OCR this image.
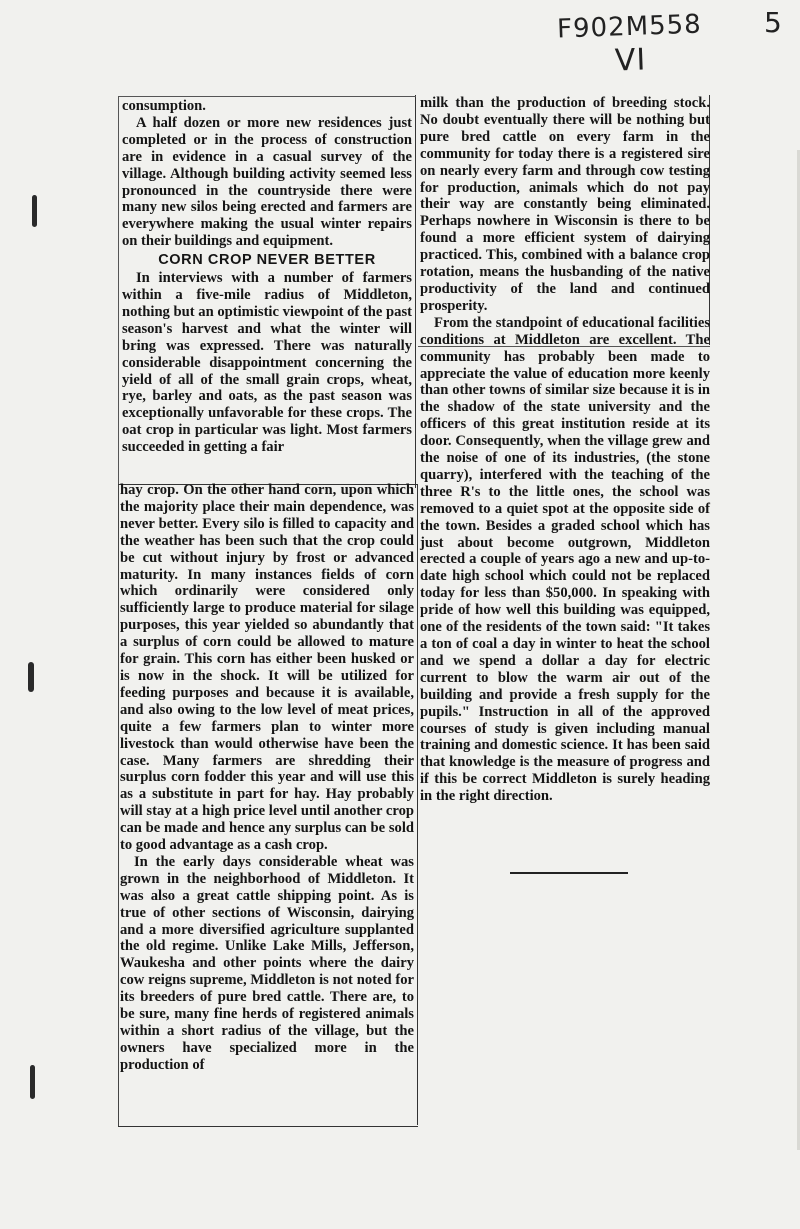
F902M558
VI
5

consumption.

A half dozen or more new residences just completed or in the process of construction are in evidence in a casual survey of the village. Although building activity seemed less pronounced in the countryside there were many new silos being erected and farmers are everywhere making the usual winter repairs on their buildings and equipment.

CORN CROP NEVER BETTER

In interviews with a number of farmers within a five-mile radius of Middleton, nothing but an optimistic viewpoint of the past season's harvest and what the winter will bring was expressed. There was naturally considerable disappointment concerning the yield of all of the small grain crops, wheat, rye, barley and oats, as the past season was exceptionally unfavorable for these crops. The oat crop in particular was light. Most farmers succeeded in getting a fair

hay crop. On the other hand corn, upon which the majority place their main dependence, was never better. Every silo is filled to capacity and the weather has been such that the crop could be cut without injury by frost or advanced maturity. In many instances fields of corn which ordinarily were considered only sufficiently large to produce material for silage purposes, this year yielded so abundantly that a surplus of corn could be allowed to mature for grain. This corn has either been husked or is now in the shock. It will be utilized for feeding purposes and because it is available, and also owing to the low level of meat prices, quite a few farmers plan to winter more livestock than would otherwise have been the case. Many farmers are shredding their surplus corn fodder this year and will use this as a substitute in part for hay. Hay probably will stay at a high price level until another crop can be made and hence any surplus can be sold to good advantage as a cash crop.

In the early days considerable wheat was grown in the neighborhood of Middleton. It was also a great cattle shipping point. As is true of other sections of Wisconsin, dairying and a more diversified agriculture supplanted the old regime. Unlike Lake Mills, Jefferson, Waukesha and other points where the dairy cow reigns supreme, Middleton is not noted for its breeders of pure bred cattle. There are, to be sure, many fine herds of registered animals within a short radius of the village, but the owners have specialized more in the production of

milk than the production of breeding stock. No doubt eventually there will be nothing but pure bred cattle on every farm in the community for today there is a registered sire on nearly every farm and through cow testing for production, animals which do not pay their way are constantly being eliminated. Perhaps nowhere in Wisconsin is there to be found a more efficient system of dairying practiced. This, combined with a balance crop rotation, means the husbanding of the native productivity of the land and continued prosperity.

From the standpoint of educational facilities conditions at Middleton are excellent. The community has probably been made to appreciate the value of education more keenly than other towns of similar size because it is in the shadow of the state university and the officers of this great institution reside at its door. Consequently, when the village grew and the noise of one of its industries, (the stone quarry), interfered with the teaching of the three R's to the little ones, the school was removed to a quiet spot at the opposite side of the town. Besides a graded school which has just about become outgrown, Middleton erected a couple of years ago a new and up-to-date high school which could not be replaced today for less than $50,000. In speaking with pride of how well this building was equipped, one of the residents of the town said: "It takes a ton of coal a day in winter to heat the school and we spend a dollar a day for electric current to blow the warm air out of the building and provide a fresh supply for the pupils." Instruction in all of the approved courses of study is given including manual training and domestic science. It has been said that knowledge is the measure of progress and if this be correct Middleton is surely heading in the right direction.
